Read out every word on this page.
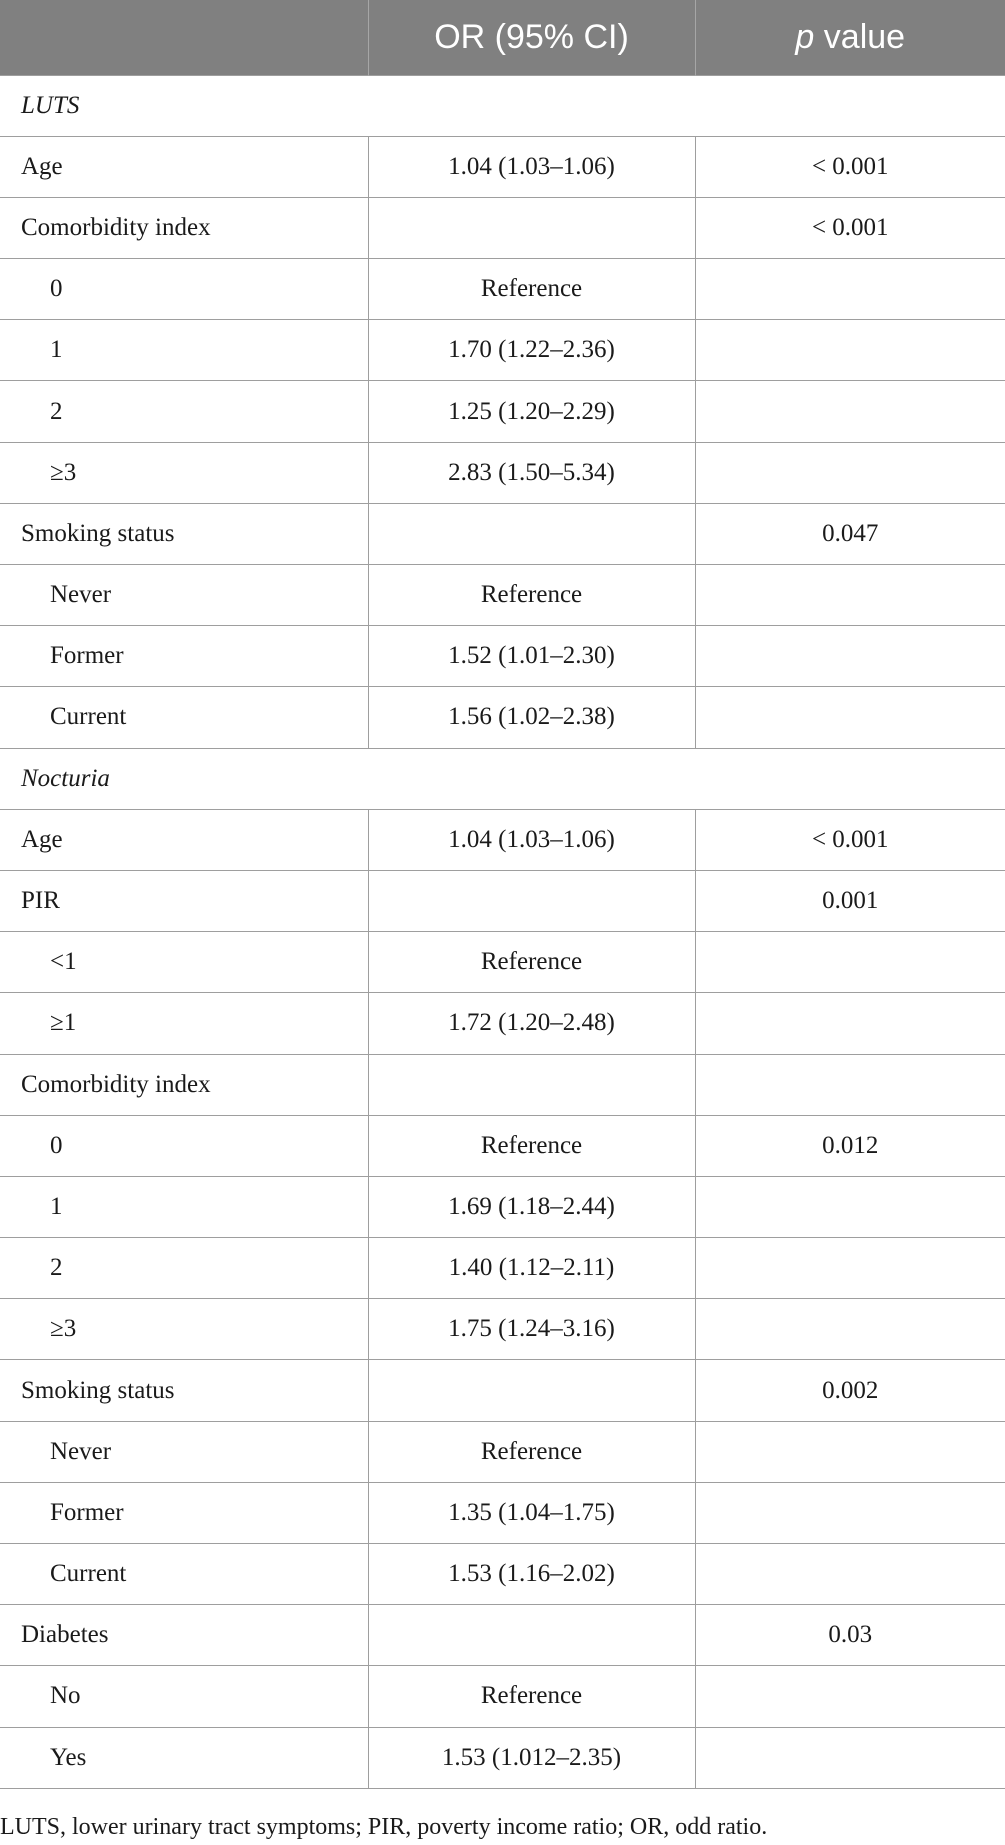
	OR (95% CI)	p value
LUTS		
Age	1.04 (1.03–1.06)	< 0.001
Comorbidity index		< 0.001
0	Reference	
1	1.70 (1.22–2.36)	
2	1.25 (1.20–2.29)	
≥3	2.83 (1.50–5.34)	
Smoking status		0.047
Never	Reference	
Former	1.52 (1.01–2.30)	
Current	1.56 (1.02–2.38)	
Nocturia		
Age	1.04 (1.03–1.06)	< 0.001
PIR		0.001
<1	Reference	
≥1	1.72 (1.20–2.48)	
Comorbidity index		
0	Reference	0.012
1	1.69 (1.18–2.44)	
2	1.40 (1.12–2.11)	
≥3	1.75 (1.24–3.16)	
Smoking status		0.002
Never	Reference	
Former	1.35 (1.04–1.75)	
Current	1.53 (1.16–2.02)	
Diabetes		0.03
No	Reference	
Yes	1.53 (1.012–2.35)	
LUTS, lower urinary tract symptoms; PIR, poverty income ratio; OR, odd ratio.
